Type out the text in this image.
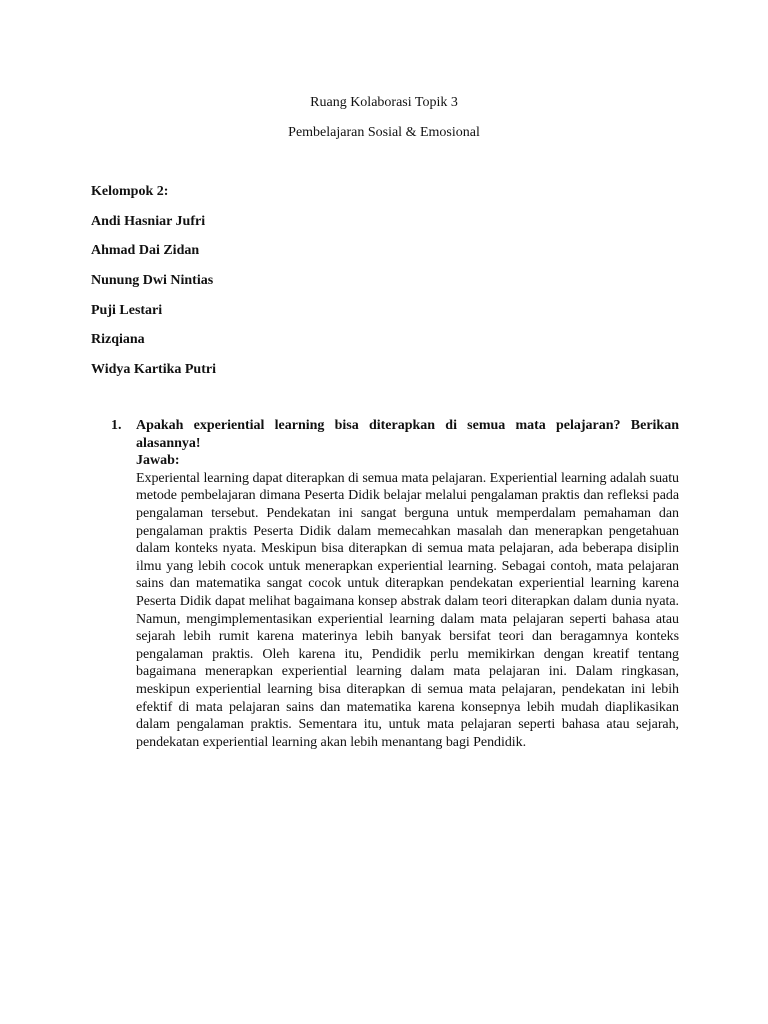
Ruang Kolaborasi Topik 3
Pembelajaran Sosial & Emosional
Kelompok 2:
Andi Hasniar Jufri
Ahmad Dai Zidan
Nunung Dwi Nintias
Puji Lestari
Rizqiana
Widya Kartika Putri
1. Apakah experiential learning bisa diterapkan di semua mata pelajaran? Berikan alasannya!

Jawab:

Experiental learning dapat diterapkan di semua mata pelajaran. Experiential learning adalah suatu metode pembelajaran dimana Peserta Didik belajar melalui pengalaman praktis dan refleksi pada pengalaman tersebut. Pendekatan ini sangat berguna untuk memperdalam pemahaman dan pengalaman praktis Peserta Didik dalam memecahkan masalah dan menerapkan pengetahuan dalam konteks nyata. Meskipun bisa diterapkan di semua mata pelajaran, ada beberapa disiplin ilmu yang lebih cocok untuk menerapkan experiential learning. Sebagai contoh, mata pelajaran sains dan matematika sangat cocok untuk diterapkan pendekatan experiential learning karena Peserta Didik dapat melihat bagaimana konsep abstrak dalam teori diterapkan dalam dunia nyata. Namun, mengimplementasikan experiential learning dalam mata pelajaran seperti bahasa atau sejarah lebih rumit karena materinya lebih banyak bersifat teori dan beragamnya konteks pengalaman praktis. Oleh karena itu, Pendidik perlu memikirkan dengan kreatif tentang bagaimana menerapkan experiential learning dalam mata pelajaran ini. Dalam ringkasan, meskipun experiential learning bisa diterapkan di semua mata pelajaran, pendekatan ini lebih efektif di mata pelajaran sains dan matematika karena konsepnya lebih mudah diaplikasikan dalam pengalaman praktis. Sementara itu, untuk mata pelajaran seperti bahasa atau sejarah, pendekatan experiential learning akan lebih menantang bagi Pendidik.
